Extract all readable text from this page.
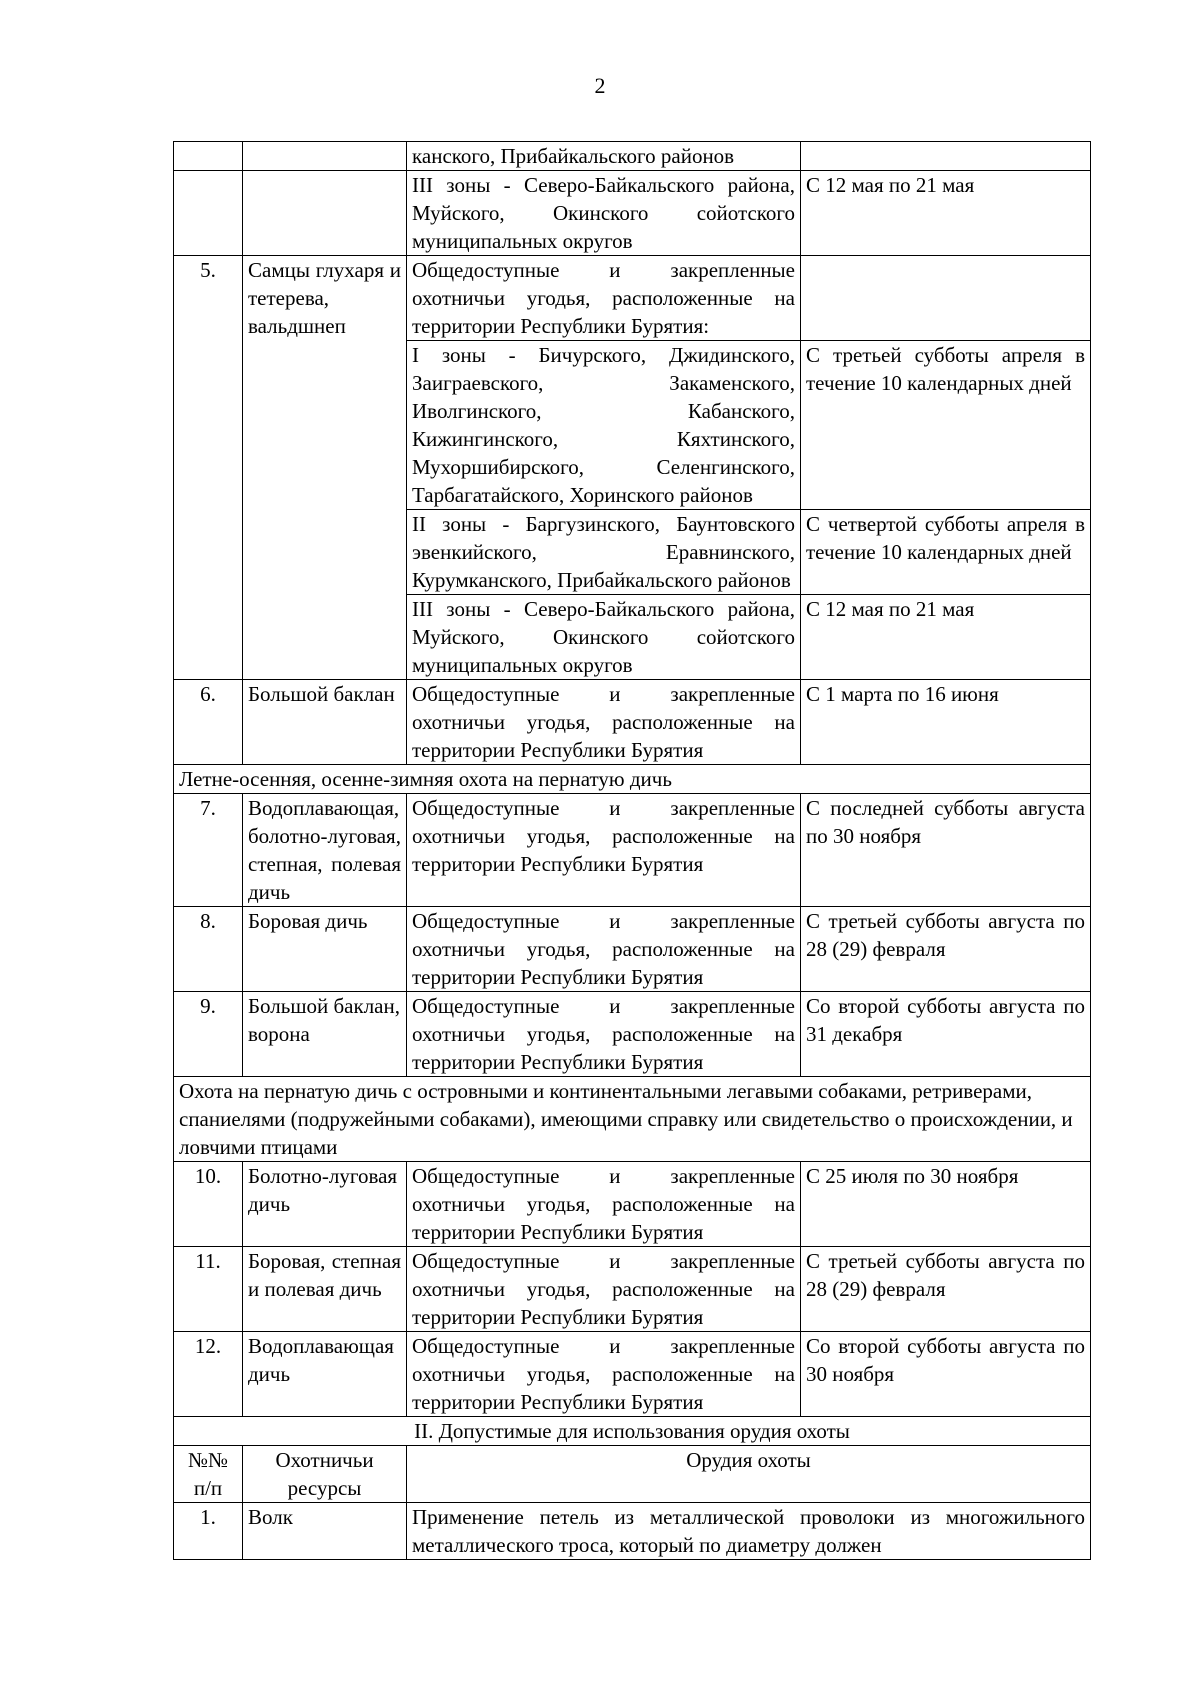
2
		канского, Прибайкальского районов	
		III зоны - Северо-Байкальского района, Муйского, Окинского сойотского муниципальных округов	С 12 мая по 21 мая
5.	Самцы глухаря и тетерева, вальдшнеп	Общедоступные и закрепленные охотничьи угодья, расположенные на территории Республики Бурятия:	
		I зоны - Бичурского, Джидинского, Заиграевского, Закаменского, Иволгинского, Кабанского, Кижингинского, Кяхтинского, Мухоршибирского, Селенгинского, Тарбагатайского, Хоринского районов	С третьей субботы апреля в течение 10 календарных дней
		II зоны - Баргузинского, Баунтовского эвенкийского, Еравнинского, Курумканского, Прибайкальского районов	С четвертой субботы апреля в течение 10 календарных дней
		III зоны - Северо-Байкальского района, Муйского, Окинского сойотского муниципальных округов	С 12 мая по 21 мая
6.	Большой баклан	Общедоступные и закрепленные охотничьи угодья, расположенные на территории Республики Бурятия	С 1 марта по 16 июня
Летне-осенняя, осенне-зимняя охота на пернатую дичь			
7.	Водоплавающая, болотно-луговая, степная, полевая дичь	Общедоступные и закрепленные охотничьи угодья, расположенные на территории Республики Бурятия	С последней субботы августа по 30 ноября
8.	Боровая дичь	Общедоступные и закрепленные охотничьи угодья, расположенные на территории Республики Бурятия	С третьей субботы августа по 28 (29) февраля
9.	Большой баклан, ворона	Общедоступные и закрепленные охотничьи угодья, расположенные на территории Республики Бурятия	Со второй субботы августа по 31 декабря
Охота на пернатую дичь с островными и континентальными легавыми собаками, ретриверами, спаниелями (подружейными собаками), имеющими справку или свидетельство о происхождении, и ловчими птицами			
10.	Болотно-луговая дичь	Общедоступные и закрепленные охотничьи угодья, расположенные на территории Республики Бурятия	С 25 июля по 30 ноября
11.	Боровая, степная и полевая дичь	Общедоступные и закрепленные охотничьи угодья, расположенные на территории Республики Бурятия	С третьей субботы августа по 28 (29) февраля
12.	Водоплавающая дичь	Общедоступные и закрепленные охотничьи угодья, расположенные на территории Республики Бурятия	Со второй субботы августа по 30 ноября
II. Допустимые для использования орудия охоты			
№№ п/п	Охотничьи ресурсы	Орудия охоты	
1.	Волк	Применение петель из металлической проволоки из многожильного металлического троса, который по диаметру должен	
